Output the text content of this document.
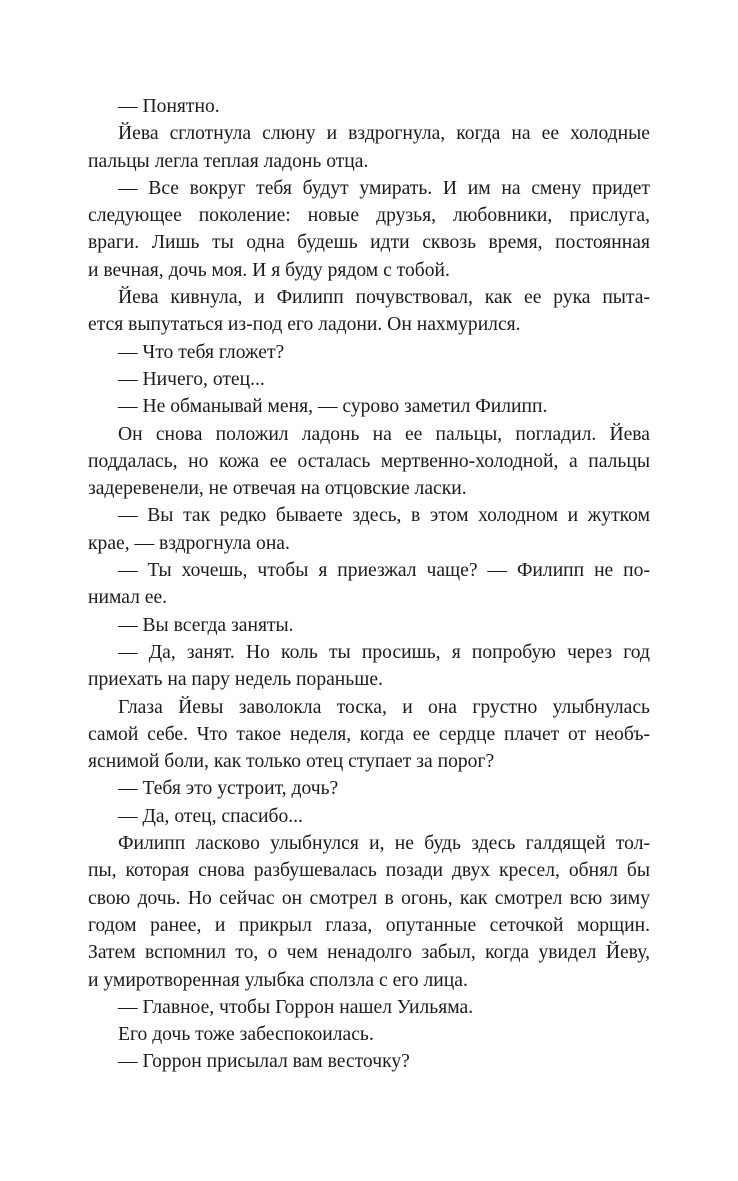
— Понятно.
Йева сглотнула слюну и вздрогнула, когда на ее холодные
пальцы легла теплая ладонь отца.
— Все вокруг тебя будут умирать. И им на смену придет
следующее поколение: новые друзья, любовники, прислуга,
враги. Лишь ты одна будешь идти сквозь время, постоянная
и вечная, дочь моя. И я буду рядом с тобой.
Йева кивнула, и Филипп почувствовал, как ее рука пыта-
ется выпутаться из-под его ладони. Он нахмурился.
— Что тебя гложет?
— Ничего, отец...
— Не обманывай меня, — сурово заметил Филипп.
Он снова положил ладонь на ее пальцы, погладил. Йева
поддалась, но кожа ее осталась мертвенно-холодной, а пальцы
задеревенели, не отвечая на отцовские ласки.
— Вы так редко бываете здесь, в этом холодном и жутком
крае, — вздрогнула она.
— Ты хочешь, чтобы я приезжал чаще? — Филипп не по-
нимал ее.
— Вы всегда заняты.
— Да, занят. Но коль ты просишь, я попробую через год
приехать на пару недель пораньше.
Глаза Йевы заволокла тоска, и она грустно улыбнулась
самой себе. Что такое неделя, когда ее сердце плачет от необъ-
яснимой боли, как только отец ступает за порог?
— Тебя это устроит, дочь?
— Да, отец, спасибо...
Филипп ласково улыбнулся и, не будь здесь галдящей тол-
пы, которая снова разбушевалась позади двух кресел, обнял бы
свою дочь. Но сейчас он смотрел в огонь, как смотрел всю зиму
годом ранее, и прикрыл глаза, опутанные сеточкой морщин.
Затем вспомнил то, о чем ненадолго забыл, когда увидел Йеву,
и умиротворенная улыбка сползла с его лица.
— Главное, чтобы Горрон нашел Уильяма.
Его дочь тоже забеспокоилась.
— Горрон присылал вам весточку?
